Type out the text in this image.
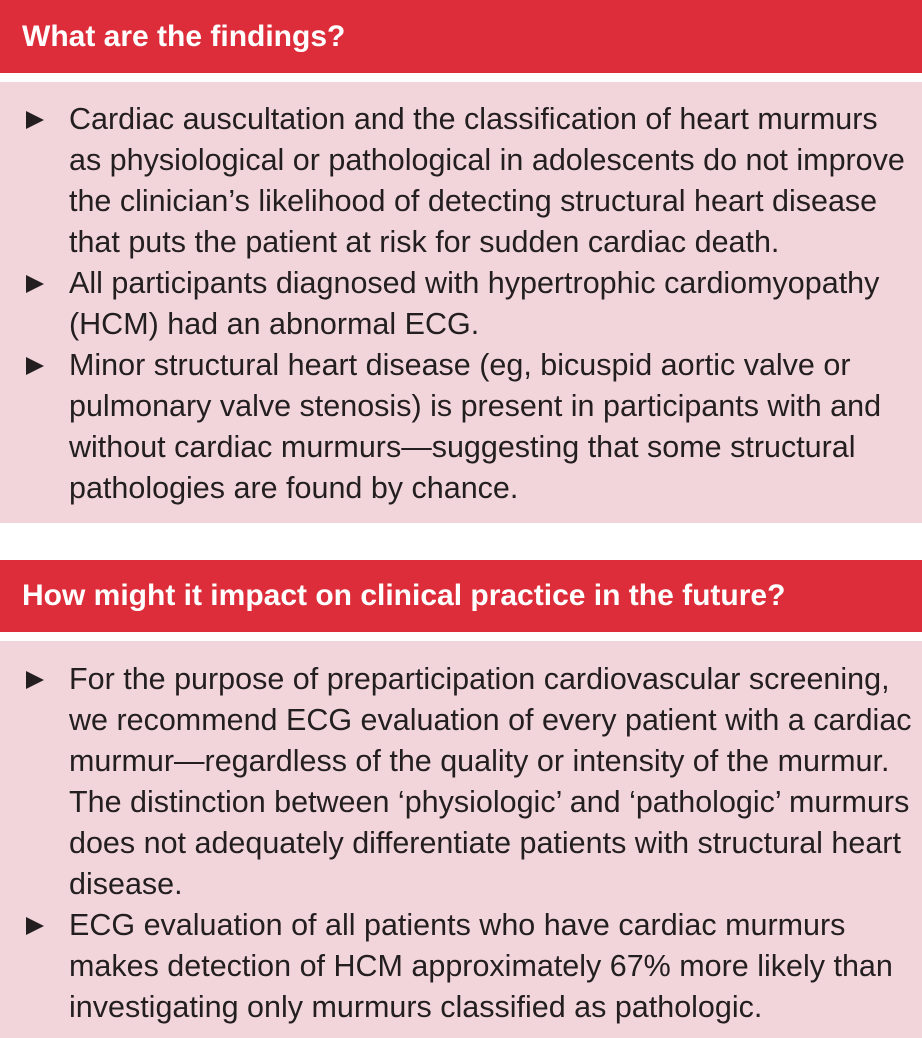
What are the findings?
Cardiac auscultation and the classification of heart murmurs as physiological or pathological in adolescents do not improve the clinician’s likelihood of detecting structural heart disease that puts the patient at risk for sudden cardiac death.
All participants diagnosed with hypertrophic cardiomyopathy (HCM) had an abnormal ECG.
Minor structural heart disease (eg, bicuspid aortic valve or pulmonary valve stenosis) is present in participants with and without cardiac murmurs—suggesting that some structural pathologies are found by chance.
How might it impact on clinical practice in the future?
For the purpose of preparticipation cardiovascular screening, we recommend ECG evaluation of every patient with a cardiac murmur—regardless of the quality or intensity of the murmur. The distinction between ‘physiologic’ and ‘pathologic’ murmurs does not adequately differentiate patients with structural heart disease.
ECG evaluation of all patients who have cardiac murmurs makes detection of HCM approximately 67% more likely than investigating only murmurs classified as pathologic.
